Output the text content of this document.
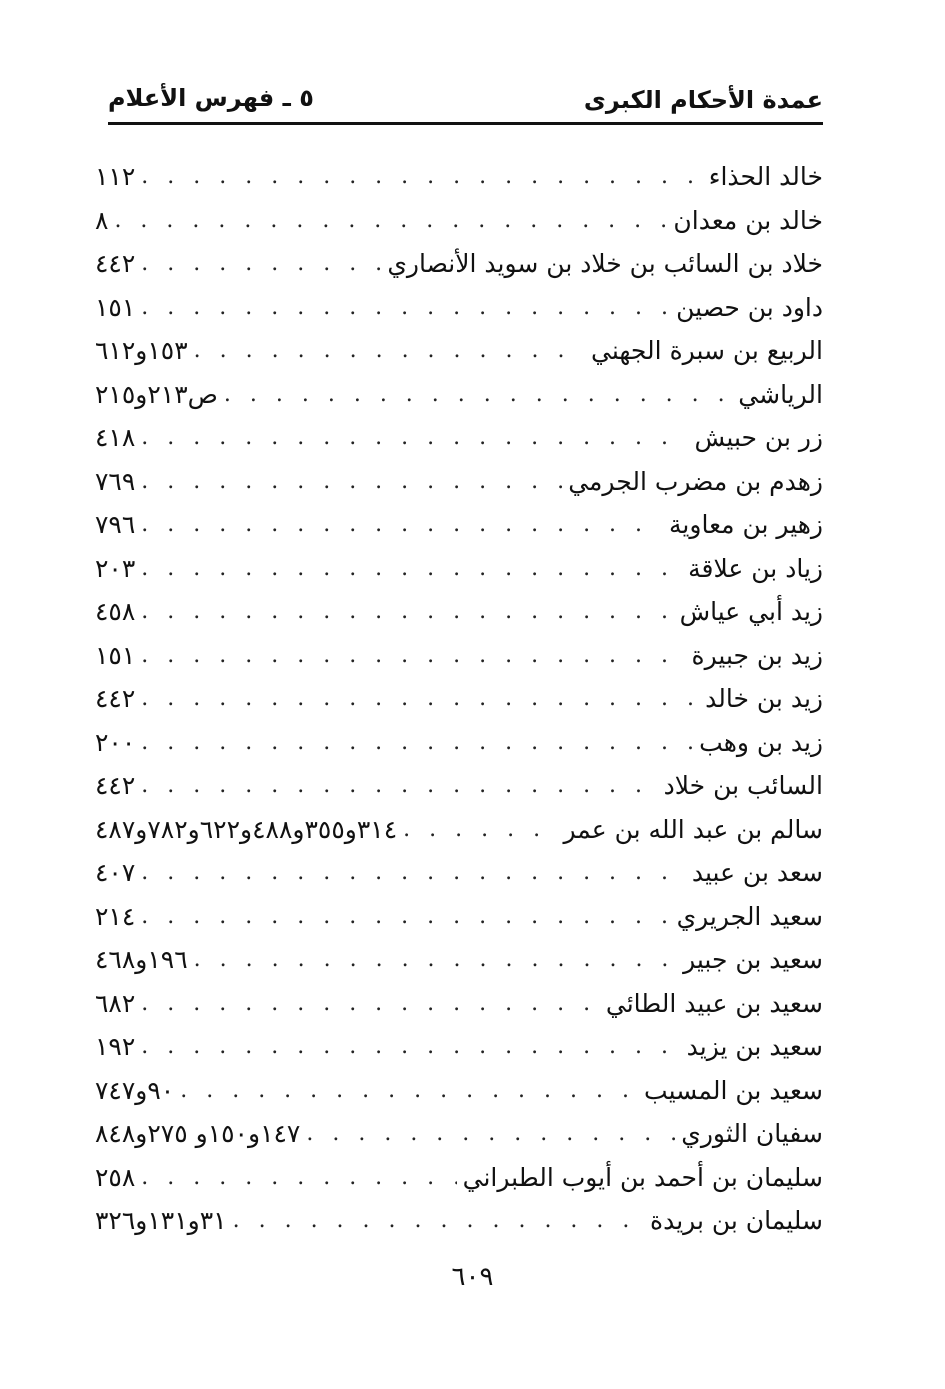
عمدة الأحكام الكبرى
٥ ـ فهرس الأعلام
خالد الحذاء
. . .
١١٢
خالد بن معدان
. . .
٨
خلاد بن السائب بن خلاد بن سويد الأنصاري
. . .
٤٤٢
داود بن حصين
. . .
١٥١
الربيع بن سبرة الجهني
. . .
١٥٣و٦١٢
الرياشي
. . .
ص٢١٣و٢١٥
زر بن حبيش
. . .
٤١٨
زهدم بن مضرب الجرمي
. . .
٧٦٩
زهير بن معاوية
. . .
٧٩٦
زياد بن علاقة
. . .
٢٠٣
زيد أبي عياش
. . .
٤٥٨
زيد بن جبيرة
. . .
١٥١
زيد بن خالد
. . .
٤٤٢
زيد بن وهب
. . .
٢٠٠
السائب بن خلاد
. . .
٤٤٢
سالم بن عبد الله بن عمر
. . .
٣١٤و٣٥٥و٤٨٨و٦٢٢و٧٨٢و٤٨٧
سعد بن عبيد
. . .
٤٠٧
سعيد الجريري
. . .
٢١٤
سعيد بن جبير
. . .
١٩٦و٤٦٨
سعيد بن عبيد الطائي
. . .
٦٨٢
سعيد بن يزيد
. . .
١٩٢
سعيد بن المسيب
. . .
٩٠و٧٤٧
سفيان الثوري
. . .
١٤٧و١٥٠و ٢٧٥و٨٤٨
سليمان بن أحمد بن أيوب الطبراني
. . .
٢٥٨
سليمان بن بريدة
. . .
٣١و١٣١و٣٢٦
٦٠٩
